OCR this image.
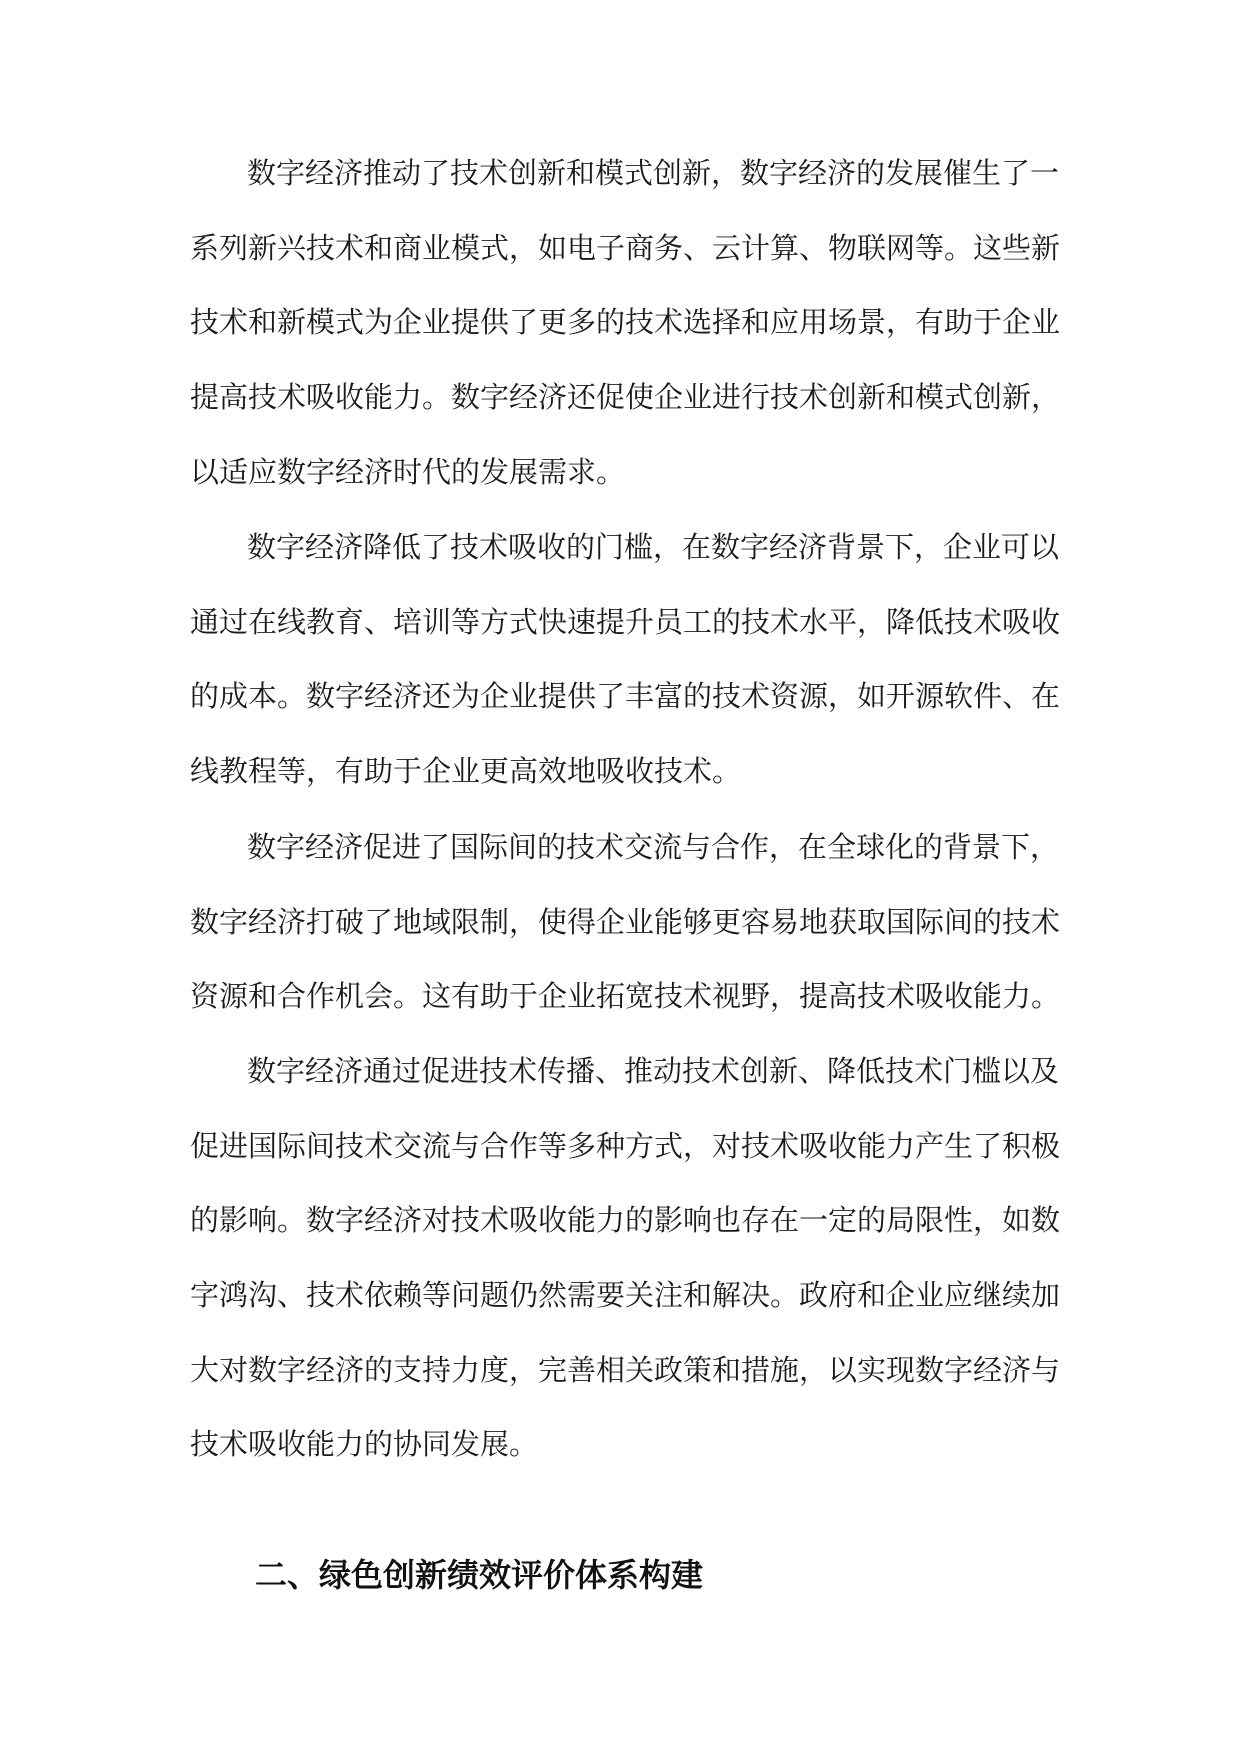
数字经济推动了技术创新和模式创新，数字经济的发展催生了一
系列新兴技术和商业模式，如电子商务、云计算、物联网等。这些新
技术和新模式为企业提供了更多的技术选择和应用场景，有助于企业
提高技术吸收能力。数字经济还促使企业进行技术创新和模式创新，
以适应数字经济时代的发展需求。
数字经济降低了技术吸收的门槛，在数字经济背景下，企业可以
通过在线教育、培训等方式快速提升员工的技术水平，降低技术吸收
的成本。数字经济还为企业提供了丰富的技术资源，如开源软件、在
线教程等，有助于企业更高效地吸收技术。
数字经济促进了国际间的技术交流与合作，在全球化的背景下，
数字经济打破了地域限制，使得企业能够更容易地获取国际间的技术
资源和合作机会。这有助于企业拓宽技术视野，提高技术吸收能力。
数字经济通过促进技术传播、推动技术创新、降低技术门槛以及
促进国际间技术交流与合作等多种方式，对技术吸收能力产生了积极
的影响。数字经济对技术吸收能力的影响也存在一定的局限性，如数
字鸿沟、技术依赖等问题仍然需要关注和解决。政府和企业应继续加
大对数字经济的支持力度，完善相关政策和措施，以实现数字经济与
技术吸收能力的协同发展。
二、绿色创新绩效评价体系构建
